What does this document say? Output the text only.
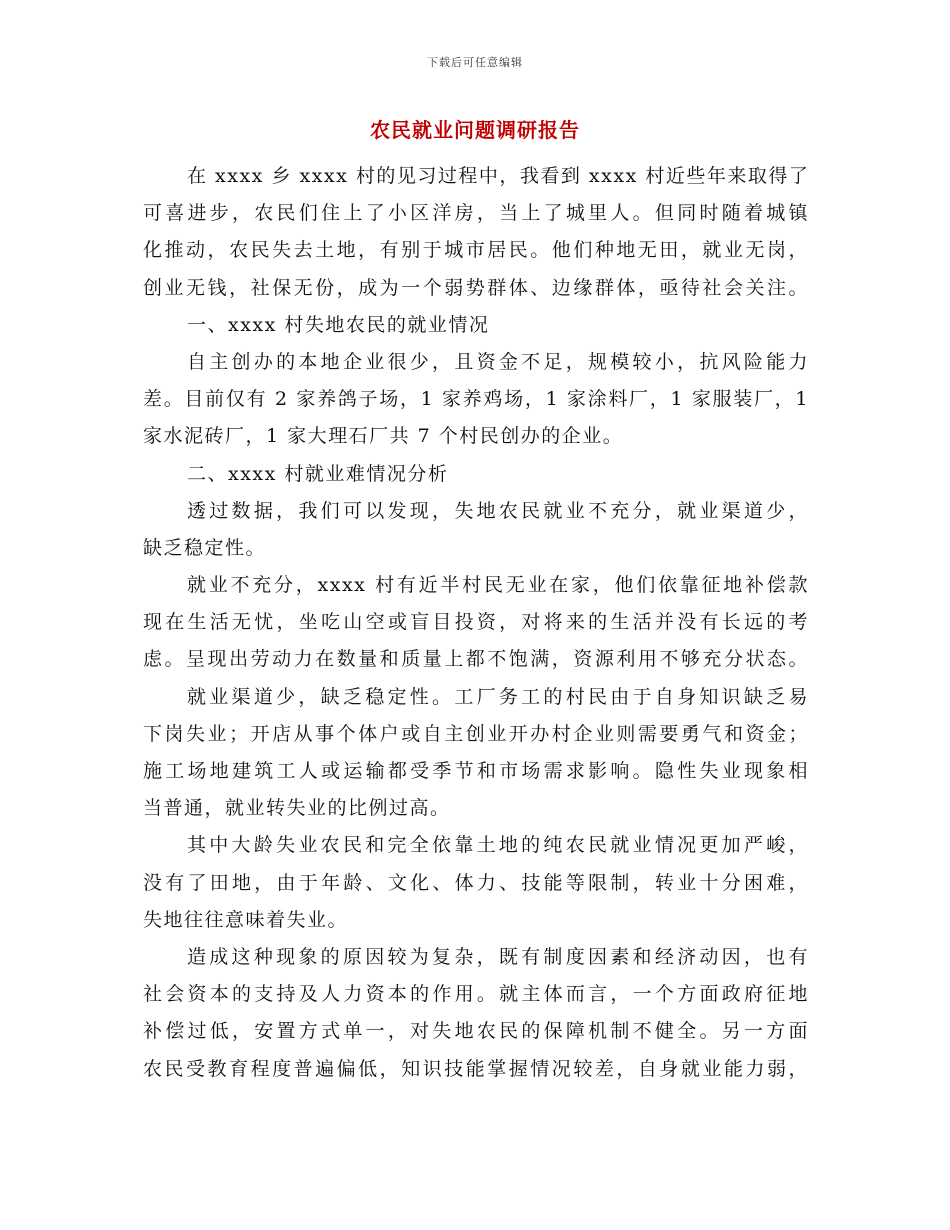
下载后可任意编辑
农民就业问题调研报告
在 xxxx 乡 xxxx 村的见习过程中，我看到 xxxx 村近些年来取得了
可喜进步，农民们住上了小区洋房，当上了城里人。但同时随着城镇
化推动，农民失去土地，有别于城市居民。他们种地无田，就业无岗，
创业无钱，社保无份，成为一个弱势群体、边缘群体，亟待社会关注。
一、xxxx 村失地农民的就业情况
自主创办的本地企业很少，且资金不足，规模较小，抗风险能力
差。目前仅有 2 家养鸽子场，1 家养鸡场，1 家涂料厂，1 家服装厂，1
家水泥砖厂，1 家大理石厂共 7 个村民创办的企业。
二、xxxx 村就业难情况分析
透过数据，我们可以发现，失地农民就业不充分，就业渠道少，
缺乏稳定性。
就业不充分，xxxx 村有近半村民无业在家，他们依靠征地补偿款
现在生活无忧，坐吃山空或盲目投资，对将来的生活并没有长远的考
虑。呈现出劳动力在数量和质量上都不饱满，资源利用不够充分状态。
就业渠道少，缺乏稳定性。工厂务工的村民由于自身知识缺乏易
下岗失业；开店从事个体户或自主创业开办村企业则需要勇气和资金；
施工场地建筑工人或运输都受季节和市场需求影响。隐性失业现象相
当普通，就业转失业的比例过高。
其中大龄失业农民和完全依靠土地的纯农民就业情况更加严峻，
没有了田地，由于年龄、文化、体力、技能等限制，转业十分困难，
失地往往意味着失业。
造成这种现象的原因较为复杂，既有制度因素和经济动因，也有
社会资本的支持及人力资本的作用。就主体而言，一个方面政府征地
补偿过低，安置方式单一，对失地农民的保障机制不健全。另一方面
农民受教育程度普遍偏低，知识技能掌握情况较差，自身就业能力弱，
